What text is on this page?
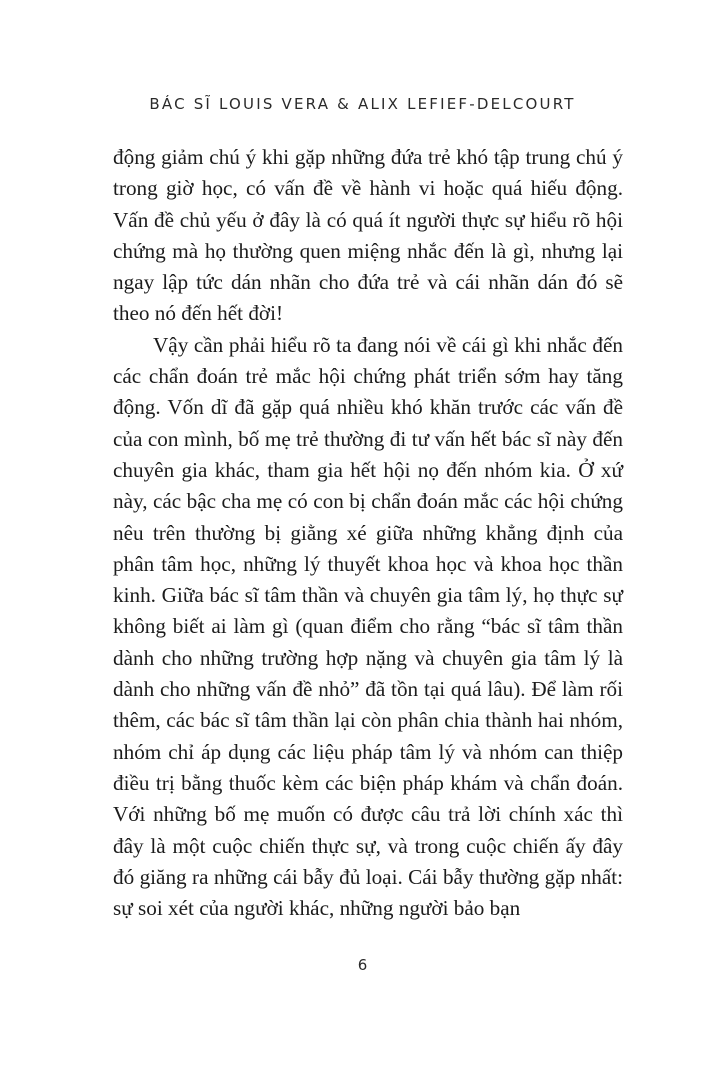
BÁC SĨ LOUIS VERA & ALIX LEFIEF-DELCOURT

động giảm chú ý khi gặp những đứa trẻ khó tập trung chú ý trong giờ học, có vấn đề về hành vi hoặc quá hiếu động. Vấn đề chủ yếu ở đây là có quá ít người thực sự hiểu rõ hội chứng mà họ thường quen miệng nhắc đến là gì, nhưng lại ngay lập tức dán nhãn cho đứa trẻ và cái nhãn dán đó sẽ theo nó đến hết đời!

Vậy cần phải hiểu rõ ta đang nói về cái gì khi nhắc đến các chẩn đoán trẻ mắc hội chứng phát triển sớm hay tăng động. Vốn dĩ đã gặp quá nhiều khó khăn trước các vấn đề của con mình, bố mẹ trẻ thường đi tư vấn hết bác sĩ này đến chuyên gia khác, tham gia hết hội nọ đến nhóm kia. Ở xứ này, các bậc cha mẹ có con bị chẩn đoán mắc các hội chứng nêu trên thường bị giằng xé giữa những khẳng định của phân tâm học, những lý thuyết khoa học và khoa học thần kinh. Giữa bác sĩ tâm thần và chuyên gia tâm lý, họ thực sự không biết ai làm gì (quan điểm cho rằng “bác sĩ tâm thần dành cho những trường hợp nặng và chuyên gia tâm lý là dành cho những vấn đề nhỏ” đã tồn tại quá lâu). Để làm rối thêm, các bác sĩ tâm thần lại còn phân chia thành hai nhóm, nhóm chỉ áp dụng các liệu pháp tâm lý và nhóm can thiệp điều trị bằng thuốc kèm các biện pháp khám và chẩn đoán. Với những bố mẹ muốn có được câu trả lời chính xác thì đây là một cuộc chiến thực sự, và trong cuộc chiến ấy đây đó giăng ra những cái bẫy đủ loại. Cái bẫy thường gặp nhất: sự soi xét của người khác, những người bảo bạn

6
